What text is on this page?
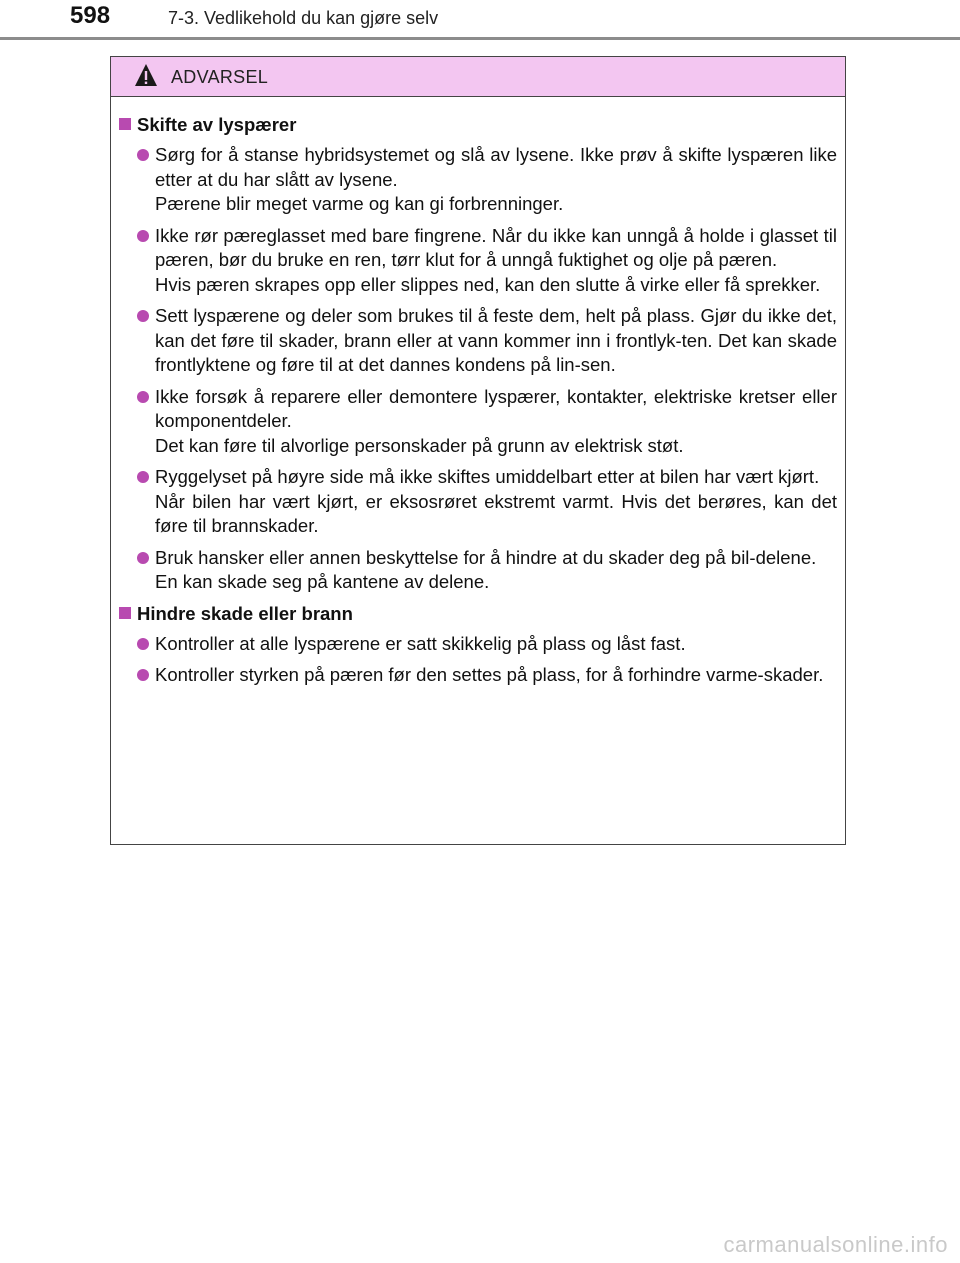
598	7-3. Vedlikehold du kan gjøre selv
ADVARSEL
Skifte av lyspærer

Sørg for å stanse hybridsystemet og slå av lysene. Ikke prøv å skifte lyspæren like etter at du har slått av lysene.

Pærene blir meget varme og kan gi forbrenninger.

Ikke rør pæreglasset med bare fingrene. Når du ikke kan unngå å holde i glasset til pæren, bør du bruke en ren, tørr klut for å unngå fuktighet og olje på pæren.

Hvis pæren skrapes opp eller slippes ned, kan den slutte å virke eller få sprekker.

Sett lyspærene og deler som brukes til å feste dem, helt på plass. Gjør du ikke det, kan det føre til skader, brann eller at vann kommer inn i frontlyk-ten. Det kan skade frontlyktene og føre til at det dannes kondens på lin-sen.

Ikke forsøk å reparere eller demontere lyspærer, kontakter, elektriske kretser eller komponentdeler.

Det kan føre til alvorlige personskader på grunn av elektrisk støt.

Ryggelyset på høyre side må ikke skiftes umiddelbart etter at bilen har vært kjørt.

Når bilen har vært kjørt, er eksosrøret ekstremt varmt. Hvis det berøres, kan det føre til brannskader.

Bruk hansker eller annen beskyttelse for å hindre at du skader deg på bil-delene.

En kan skade seg på kantene av delene.

Hindre skade eller brann

Kontroller at alle lyspærene er satt skikkelig på plass og låst fast.

Kontroller styrken på pæren før den settes på plass, for å forhindre varme-skader.

carmanualsonline.info
